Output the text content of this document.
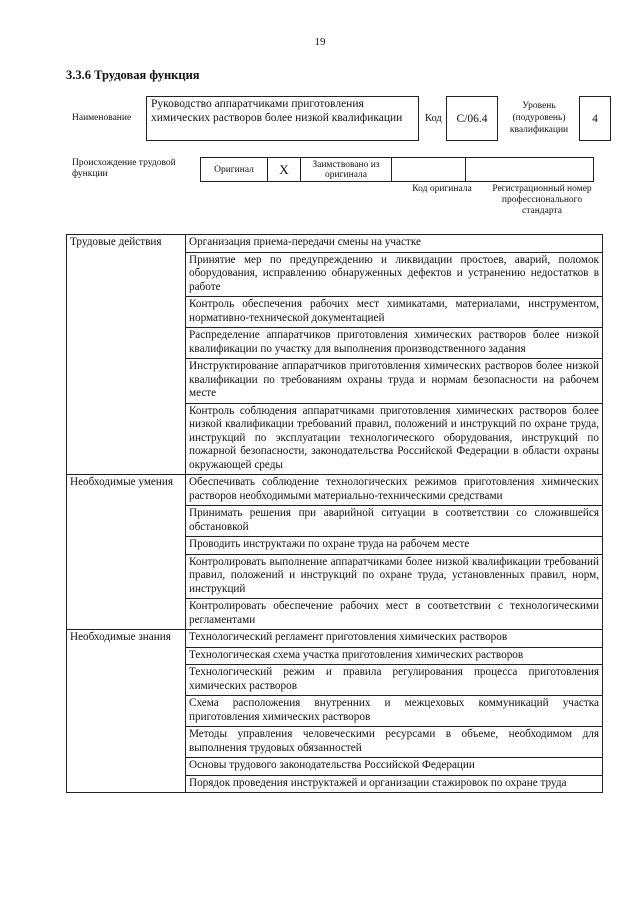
19
3.3.6 Трудовая функция
Наименование
Руководство аппаратчиками приготовления химических растворов более низкой квалификации	Код	C/06.4
Уровень (подуровень) квалификации
4
Происхождение трудовой функции	Оригинал	X	Заимствовано из оригинала		
Код оригинала	Регистрационный номер профессионального стандарта
Трудовые действия	Организация приема-передачи смены на участке
	Принятие мер по предупреждению и ликвидации простоев, аварий, поломок оборудования, исправлению обнаруженных дефектов и устранению недостатков в работе
	Контроль обеспечения рабочих мест химикатами, материалами, инструментом, нормативно-технической документацией
	Распределение аппаратчиков приготовления химических растворов более низкой квалификации по участку для выполнения производственного задания
	Инструктирование аппаратчиков приготовления химических растворов более низкой квалификации по требованиям охраны труда и нормам безопасности на рабочем месте
	Контроль соблюдения аппаратчиками приготовления химических растворов более низкой квалификации требований правил, положений и инструкций по охране труда, инструкций по эксплуатации технологического оборудования, инструкций по пожарной безопасности, законодательства Российской Федерации в области охраны окружающей среды
Необходимые умения	Обеспечивать соблюдение технологических режимов приготовления химических растворов необходимыми материально-техническими средствами
	Принимать решения при аварийной ситуации в соответствии со сложившейся обстановкой
	Проводить инструктажи по охране труда на рабочем месте
	Контролировать выполнение аппаратчиками более низкой квалификации требований правил, положений и инструкций по охране труда, установленных правил, норм, инструкций
	Контролировать обеспечение рабочих мест в соответствии с технологическими регламентами
Необходимые знания	Технологический регламент приготовления химических растворов
	Технологическая схема участка приготовления химических растворов
	Технологический режим и правила регулирования процесса приготовления химических растворов
	Схема расположения внутренних и межцеховых коммуникаций участка приготовления химических растворов
	Методы управления человеческими ресурсами в объеме, необходимом для выполнения трудовых обязанностей
	Основы трудового законодательства Российской Федерации
	Порядок проведения инструктажей и организации стажировок по охране труда
